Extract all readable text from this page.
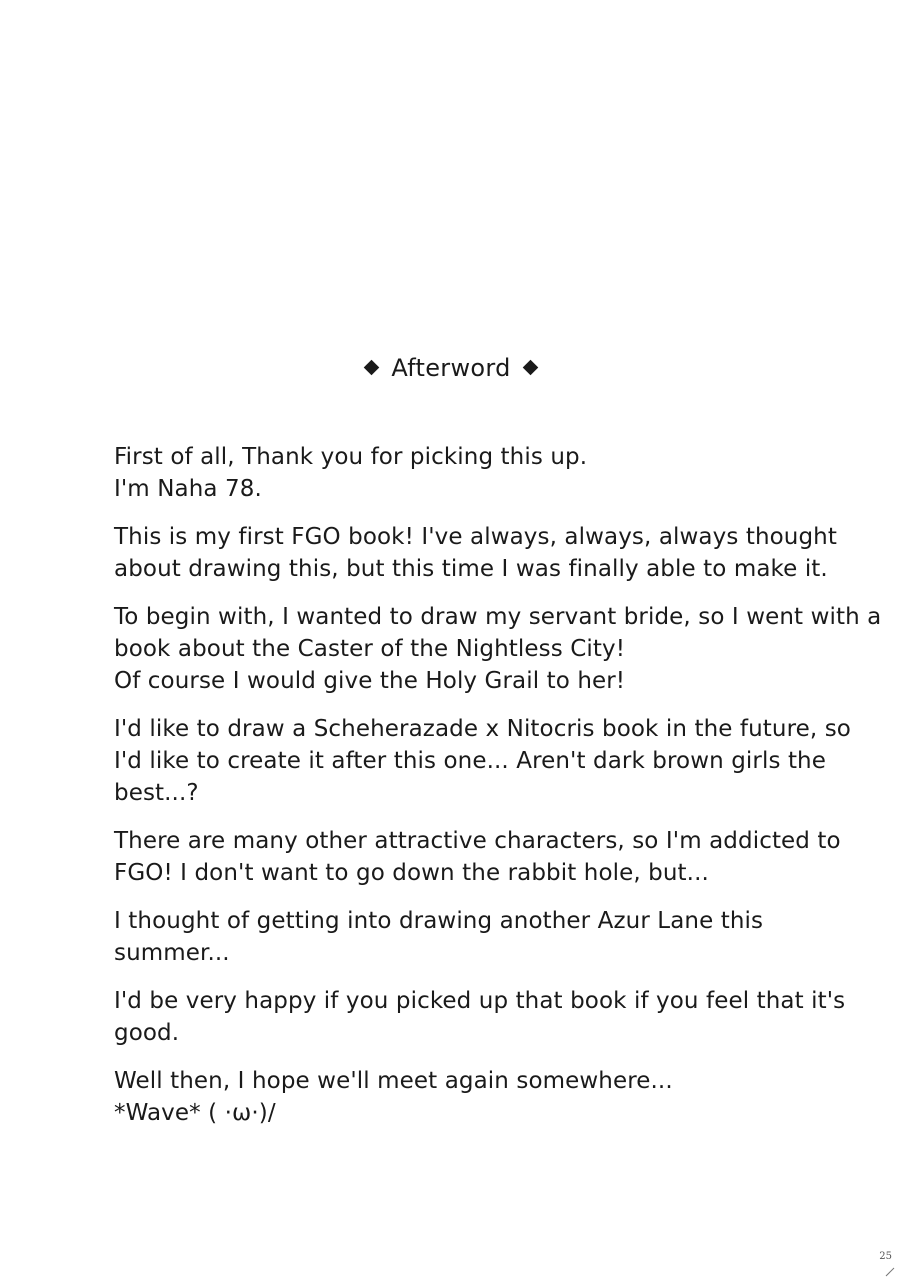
Afterword
First of all, Thank you for picking this up.
I'm Naha 78.
This is my first FGO book! I've always, always, always thought
about drawing this, but this time I was finally able to make it.
To begin with, I wanted to draw my servant bride, so I went with a
book about the Caster of the Nightless City!
Of course I would give the Holy Grail to her!
I'd like to draw a Scheherazade x Nitocris book in the future, so
I'd like to create it after this one... Aren't dark brown girls the
best...?
There are many other attractive characters, so I'm addicted to
FGO! I don't want to go down the rabbit hole, but...
I thought of getting into drawing another Azur Lane this
summer...
I'd be very happy if you picked up that book if you feel that it's
good.
Well then, I hope we'll meet again somewhere...
*Wave* ( ·ω·)/
25
